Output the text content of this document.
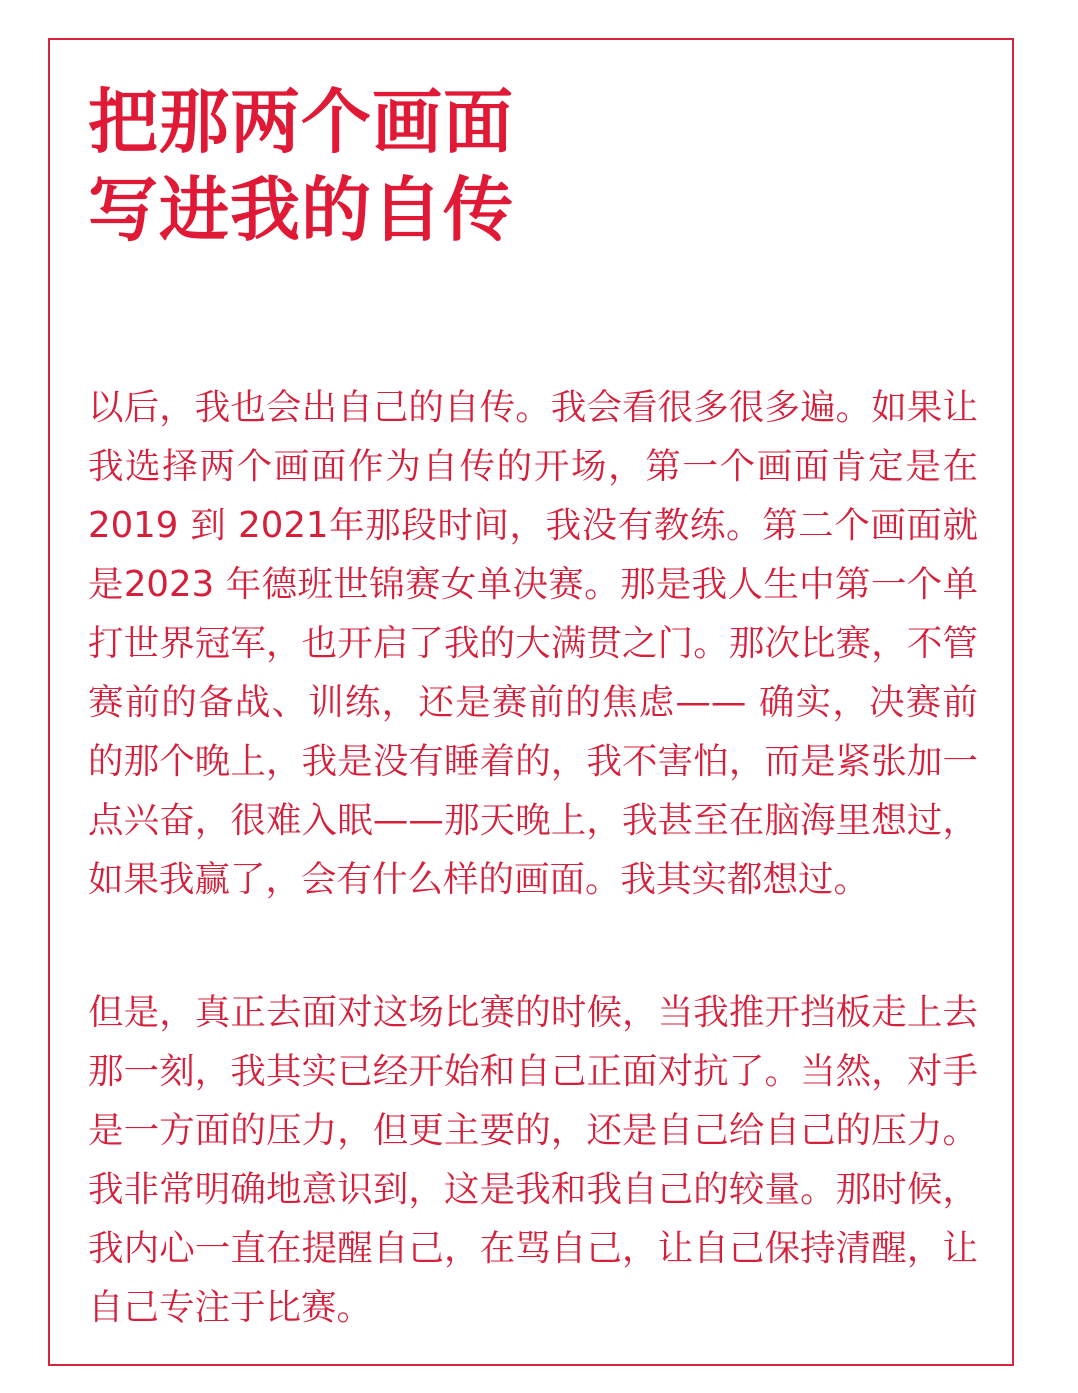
把那两个画面
写进我的自传

以后，我也会出自己的自传。我会看很多很多遍。如果让我选择两个画面作为自传的开场，第一个画面肯定是在2019 到 2021年那段时间，我没有教练。第二个画面就是2023 年德班世锦赛女单决赛。那是我人生中第一个单打世界冠军，也开启了我的大满贯之门。那次比赛，不管赛前的备战、训练，还是赛前的焦虑—— 确实，决赛前的那个晚上，我是没有睡着的，我不害怕，而是紧张加一点兴奋，很难入眠——那天晚上，我甚至在脑海里想过，如果我赢了，会有什么样的画面。我其实都想过。

但是，真正去面对这场比赛的时候，当我推开挡板走上去那一刻，我其实已经开始和自己正面对抗了。当然，对手是一方面的压力，但更主要的，还是自己给自己的压力。我非常明确地意识到，这是我和我自己的较量。那时候，我内心一直在提醒自己，在骂自己，让自己保持清醒，让自己专注于比赛。
